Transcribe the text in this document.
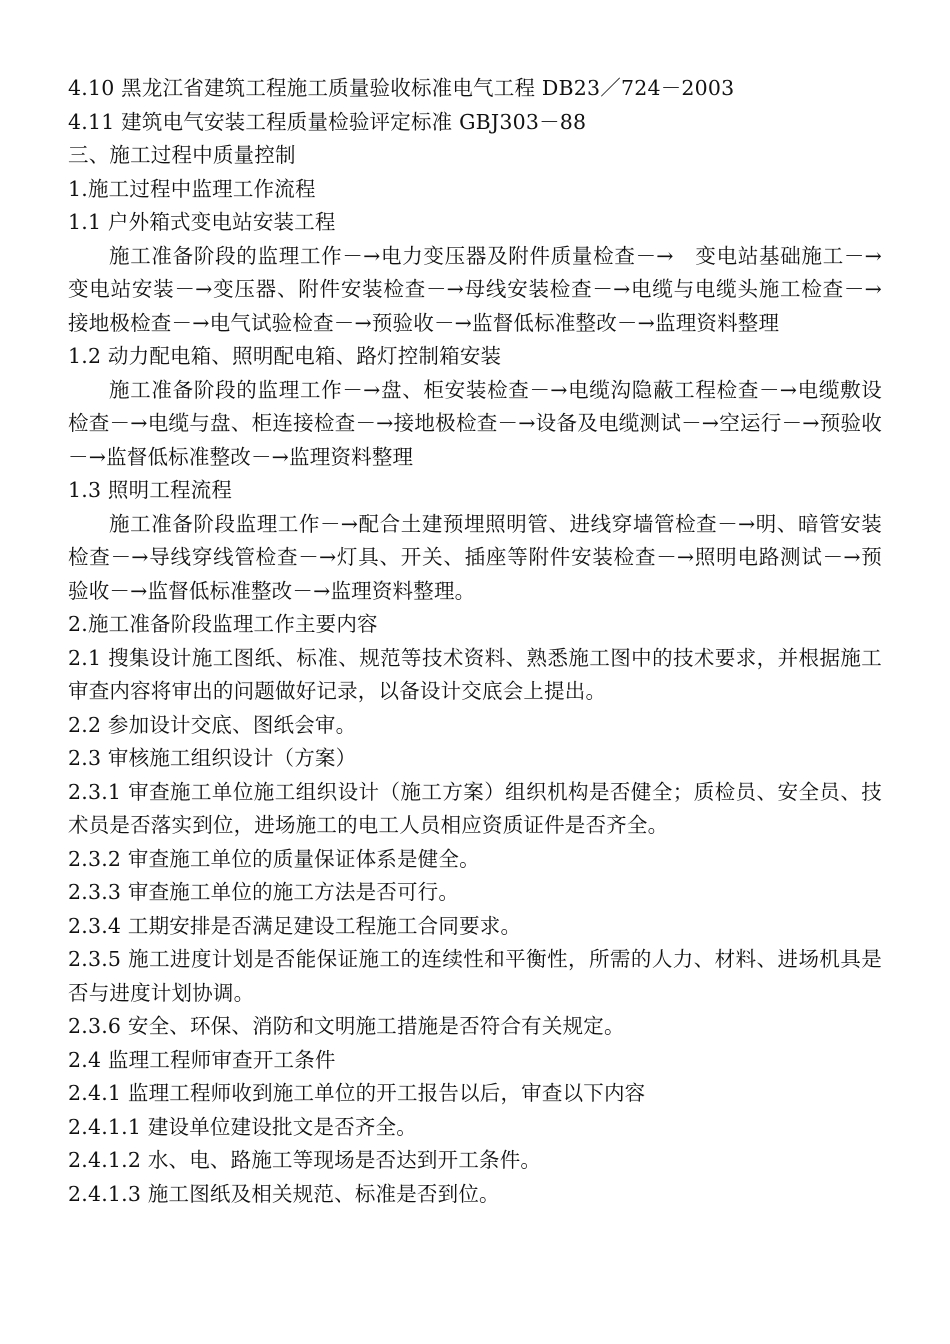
4.10 黑龙江省建筑工程施工质量验收标准电气工程 DB23／724－2003
4.11 建筑电气安装工程质量检验评定标准 GBJ303－88
三、施工过程中质量控制
1.施工过程中监理工作流程
1.1 户外箱式变电站安装工程

施工准备阶段的监理工作－→电力变压器及附件质量检查－→　变电站基础施工－→变电站安装－→变压器、附件安装检查－→母线安装检查－→电缆与电缆头施工检查－→接地极检查－→电气试验检查－→预验收－→监督低标准整改－→监理资料整理

1.2 动力配电箱、照明配电箱、路灯控制箱安装

施工准备阶段的监理工作－→盘、柜安装检查－→电缆沟隐蔽工程检查－→电缆敷设检查－→电缆与盘、柜连接检查－→接地极检查－→设备及电缆测试－→空运行－→预验收－→监督低标准整改－→监理资料整理

1.3 照明工程流程

施工准备阶段监理工作－→配合土建预埋照明管、进线穿墙管检查－→明、暗管安装检查－→导线穿线管检查－→灯具、开关、插座等附件安装检查－→照明电路测试－→预验收－→监督低标准整改－→监理资料整理。

2.施工准备阶段监理工作主要内容

2.1 搜集设计施工图纸、标准、规范等技术资料、熟悉施工图中的技术要求，并根据施工审查内容将审出的问题做好记录，以备设计交底会上提出。

2.2 参加设计交底、图纸会审。
2.3 审核施工组织设计（方案）

2.3.1 审查施工单位施工组织设计（施工方案）组织机构是否健全；质检员、安全员、技术员是否落实到位，进场施工的电工人员相应资质证件是否齐全。

2.3.2 审查施工单位的质量保证体系是健全。
2.3.3 审查施工单位的施工方法是否可行。
2.3.4 工期安排是否满足建设工程施工合同要求。

2.3.5 施工进度计划是否能保证施工的连续性和平衡性，所需的人力、材料、进场机具是否与进度计划协调。

2.3.6 安全、环保、消防和文明施工措施是否符合有关规定。
2.4 监理工程师审查开工条件
2.4.1 监理工程师收到施工单位的开工报告以后，审查以下内容
2.4.1.1 建设单位建设批文是否齐全。
2.4.1.2 水、电、路施工等现场是否达到开工条件。
2.4.1.3 施工图纸及相关规范、标准是否到位。
